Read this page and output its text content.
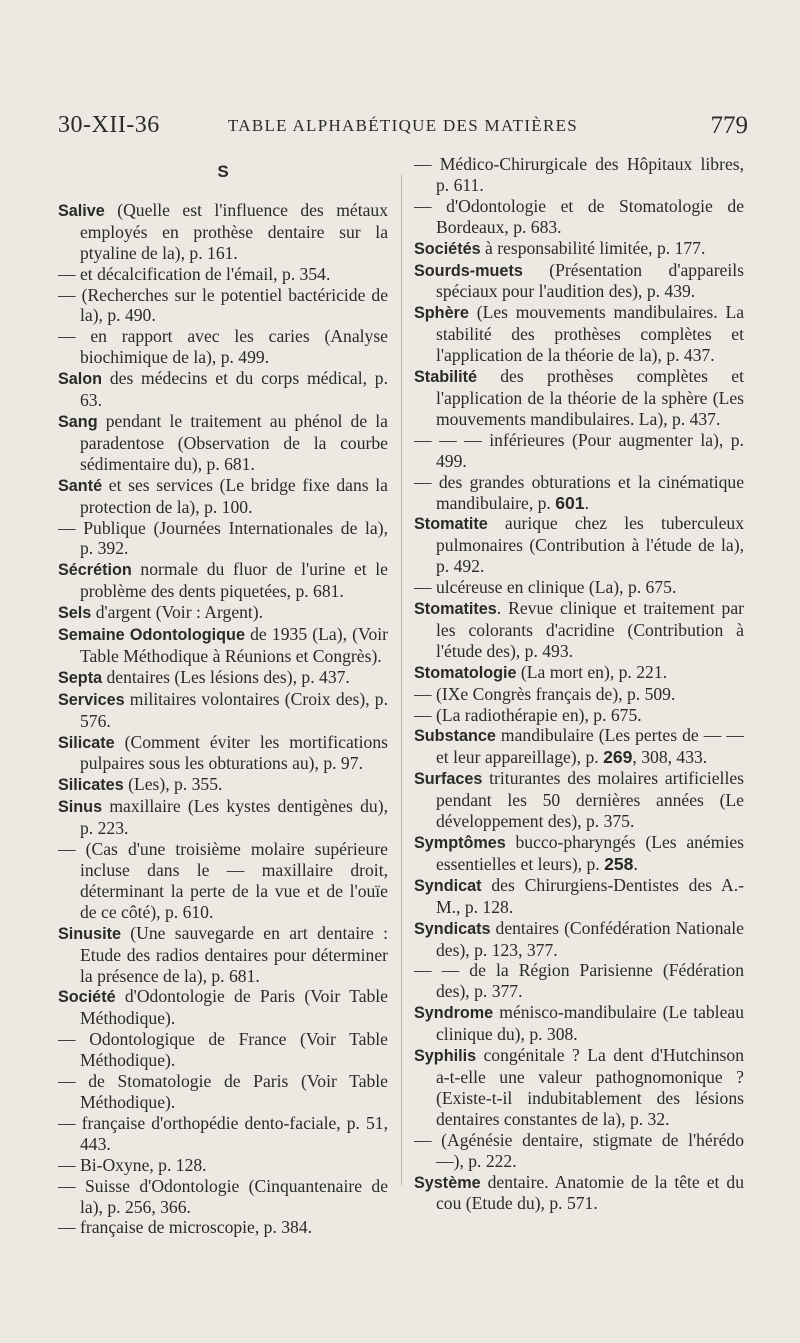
30-XII-36	TABLE ALPHABÉTIQUE DES MATIÈRES	779
S

Salive (Quelle est l'influence des métaux employés en prothèse dentaire sur la ptyaline de la), p. 161.

— et décalcification de l'émail, p. 354.

— (Recherches sur le potentiel bactéricide de la), p. 490.

— en rapport avec les caries (Analyse biochimique de la), p. 499.

Salon des médecins et du corps médical, p. 63.

Sang pendant le traitement au phénol de la paradentose (Observation de la courbe sédimentaire du), p. 681.

Santé et ses services (Le bridge fixe dans la protection de la), p. 100.

— Publique (Journées Internationales de la), p. 392.

Sécrétion normale du fluor de l'urine et le problème des dents piquetées, p. 681.

Sels d'argent (Voir : Argent).

Semaine Odontologique de 1935 (La), (Voir Table Méthodique à Réunions et Congrès).

Septa dentaires (Les lésions des), p. 437.

Services militaires volontaires (Croix des), p. 576.

Silicate (Comment éviter les mortifications pulpaires sous les obturations au), p. 97.

Silicates (Les), p. 355.

Sinus maxillaire (Les kystes dentigènes du), p. 223.

— (Cas d'une troisième molaire supérieure incluse dans le — maxillaire droit, déterminant la perte de la vue et de l'ouïe de ce côté), p. 610.

Sinusite (Une sauvegarde en art dentaire : Etude des radios dentaires pour déterminer la présence de la), p. 681.

Société d'Odontologie de Paris (Voir Table Méthodique).

— Odontologique de France (Voir Table Méthodique).

— de Stomatologie de Paris (Voir Table Méthodique).

— française d'orthopédie dento-faciale, p. 51, 443.

— Bi-Oxyne, p. 128.

— Suisse d'Odontologie (Cinquantenaire de la), p. 256, 366.

— française de microscopie, p. 384.

— Médico-Chirurgicale des Hôpitaux libres, p. 611.

— d'Odontologie et de Stomatologie de Bordeaux, p. 683.

Sociétés à responsabilité limitée, p. 177.

Sourds-muets (Présentation d'appareils spéciaux pour l'audition des), p. 439.

Sphère (Les mouvements mandibulaires. La stabilité des prothèses complètes et l'application de la théorie de la), p. 437.

Stabilité des prothèses complètes et l'application de la théorie de la sphère (Les mouvements mandibulaires. La), p. 437.

— — — inférieures (Pour augmenter la), p. 499.

— des grandes obturations et la cinématique mandibulaire, p. 601.

Stomatite aurique chez les tuberculeux pulmonaires (Contribution à l'étude de la), p. 492.

— ulcéreuse en clinique (La), p. 675.

Stomatites. Revue clinique et traitement par les colorants d'acridine (Contribution à l'étude des), p. 493.

Stomatologie (La mort en), p. 221.

— (IXe Congrès français de), p. 509.

— (La radiothérapie en), p. 675.

Substance mandibulaire (Les pertes de — — et leur appareillage), p. 269, 308, 433.

Surfaces triturantes des molaires artificielles pendant les 50 dernières années (Le développement des), p. 375.

Symptômes bucco-pharyngés (Les anémies essentielles et leurs), p. 258.

Syndicat des Chirurgiens-Dentistes des A.-M., p. 128.

Syndicats dentaires (Confédération Nationale des), p. 123, 377.

— — de la Région Parisienne (Fédération des), p. 377.

Syndrome ménisco-mandibulaire (Le tableau clinique du), p. 308.

Syphilis congénitale ? La dent d'Hutchinson a-t-elle une valeur pathognomonique ? (Existe-t-il indubitablement des lésions dentaires constantes de la), p. 32.

— (Agénésie dentaire, stigmate de l'hérédo —), p. 222.

Système dentaire. Anatomie de la tête et du cou (Etude du), p. 571.
